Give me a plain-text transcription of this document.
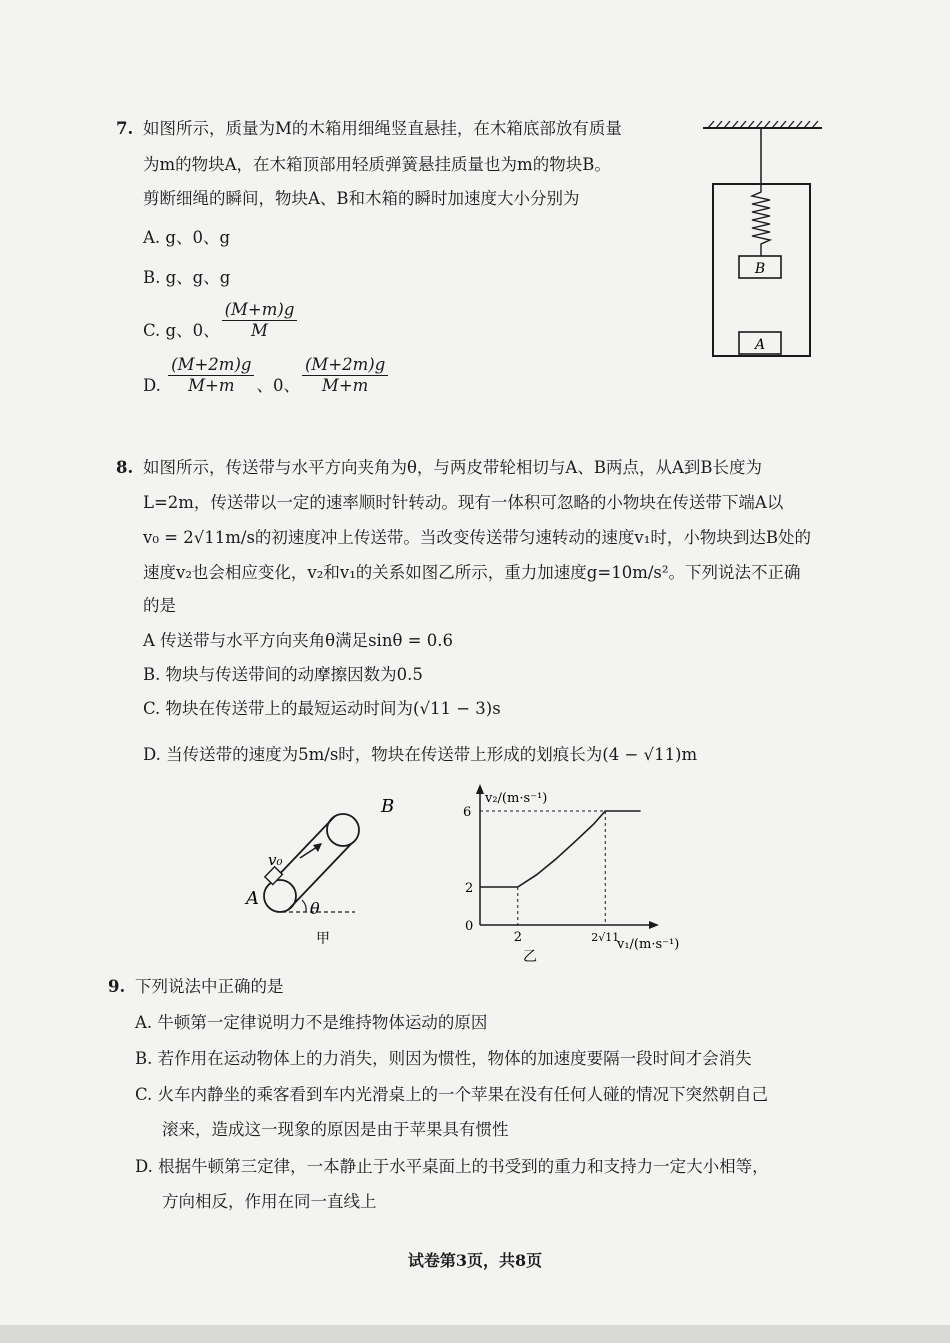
7. 如图所示，质量为M的木箱用细绳竖直悬挂，在木箱底部放有质量
为m的物块A，在木箱顶部用轻质弹簧悬挂质量也为m的物块B。
剪断细绳的瞬间，物块A、B和木箱的瞬时加速度大小分别为
A. g、0、g
B. g、g、g
C. g、0、 $\frac{(M+m)g}{M}$
D. $\frac{(M+2m)g}{M+m}$ 、0、 $\frac{(M+2m)g}{M+m}$
B
A
8. 如图所示，传送带与水平方向夹角为θ，与两皮带轮相切与A、B两点，从A到B长度为
L=2m，传送带以一定的速率顺时针转动。现有一体积可忽略的小物块在传送带下端A以
v₀ = 2√11m/s的初速度冲上传送带。当改变传送带匀速转动的速度v₁时，小物块到达B处的
速度v₂也会相应变化，v₂和v₁的关系如图乙所示，重力加速度g=10m/s²。下列说法不正确
的是
A 传送带与水平方向夹角θ满足sinθ = 0.6
B. 物块与传送带间的动摩擦因数为0.5
C. 物块在传送带上的最短运动时间为(√11 − 3)s
D. 当传送带的速度为5m/s时，物块在传送带上形成的划痕长为(4 − √11)m
v₀
B
A	θ
甲
v₂/(m·s⁻¹)
v₁/(m·s⁻¹)
0
6
2
2	2√11
乙
9. 下列说法中正确的是
A. 牛顿第一定律说明力不是维持物体运动的原因
B. 若作用在运动物体上的力消失，则因为惯性，物体的加速度要隔一段时间才会消失
C. 火车内静坐的乘客看到车内光滑桌上的一个苹果在没有任何人碰的情况下突然朝自己
滚来，造成这一现象的原因是由于苹果具有惯性
D. 根据牛顿第三定律，一本静止于水平桌面上的书受到的重力和支持力一定大小相等，
方向相反，作用在同一直线上
试卷第3页，共8页
